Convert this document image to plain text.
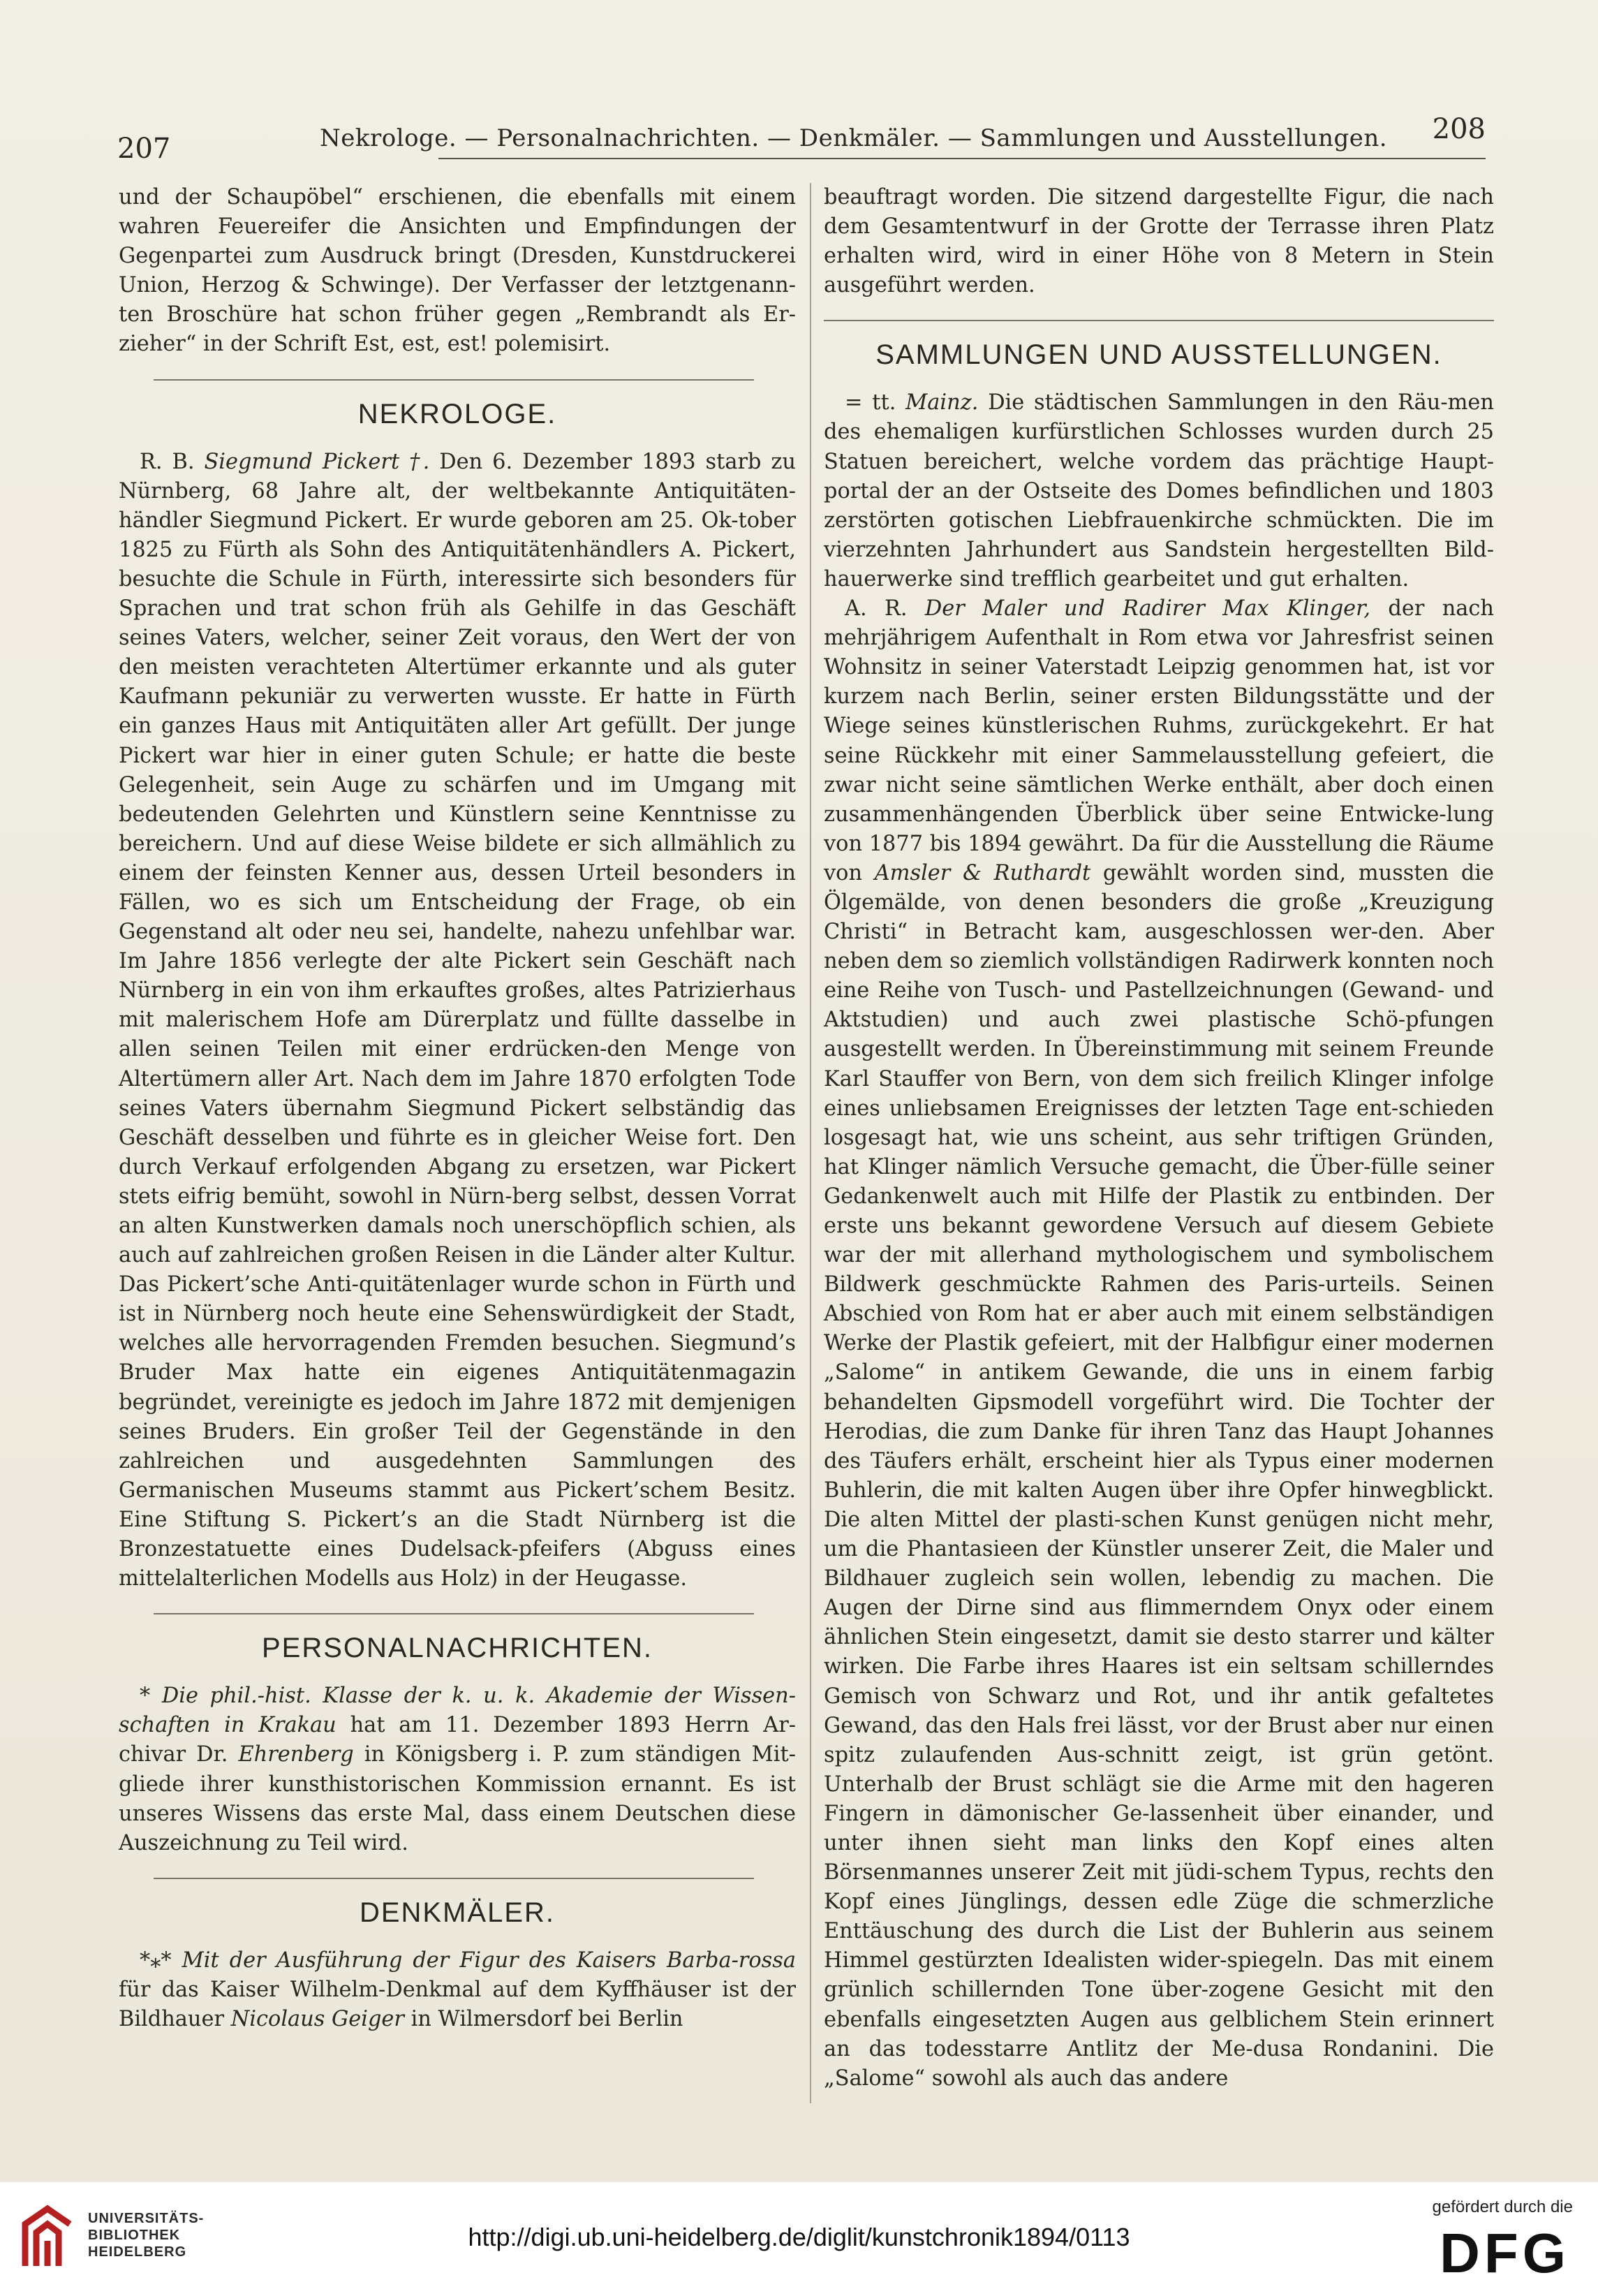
207	Nekrologe. — Personalnachrichten. — Denkmäler. — Sammlungen und Ausstellungen. 208

und der Schaupöbel“ erschienen, die ebenfalls mit einem wahren Feuereifer die Ansichten und Empfindungen der Gegenpartei zum Ausdruck bringt (Dresden, Kunstdruckerei Union, Herzog & Schwinge). Der Verfasser der letztgenann-ten Broschüre hat schon früher gegen „Rembrandt als Er-zieher“ in der Schrift Est, est, est! polemisirt.

NEKROLOGE.

R. B. Siegmund Pickert †. Den 6. Dezember 1893 starb zu Nürnberg, 68 Jahre alt, der weltbekannte Antiquitäten-händler Siegmund Pickert. Er wurde geboren am 25. Ok-tober 1825 zu Fürth als Sohn des Antiquitätenhändlers A. Pickert, besuchte die Schule in Fürth, interessirte sich besonders für Sprachen und trat schon früh als Gehilfe in das Geschäft seines Vaters, welcher, seiner Zeit voraus, den Wert der von den meisten verachteten Altertümer erkannte und als guter Kaufmann pekuniär zu verwerten wusste. Er hatte in Fürth ein ganzes Haus mit Antiquitäten aller Art gefüllt. Der junge Pickert war hier in einer guten Schule; er hatte die beste Gelegenheit, sein Auge zu schärfen und im Umgang mit bedeutenden Gelehrten und Künstlern seine Kenntnisse zu bereichern. Und auf diese Weise bildete er sich allmählich zu einem der feinsten Kenner aus, dessen Urteil besonders in Fällen, wo es sich um Entscheidung der Frage, ob ein Gegenstand alt oder neu sei, handelte, nahezu unfehlbar war. Im Jahre 1856 verlegte der alte Pickert sein Geschäft nach Nürnberg in ein von ihm erkauftes großes, altes Patrizierhaus mit malerischem Hofe am Dürerplatz und füllte dasselbe in allen seinen Teilen mit einer erdrücken-den Menge von Altertümern aller Art. Nach dem im Jahre 1870 erfolgten Tode seines Vaters übernahm Siegmund Pickert selbständig das Geschäft desselben und führte es in gleicher Weise fort. Den durch Verkauf erfolgenden Abgang zu ersetzen, war Pickert stets eifrig bemüht, sowohl in Nürn-berg selbst, dessen Vorrat an alten Kunstwerken damals noch unerschöpflich schien, als auch auf zahlreichen großen Reisen in die Länder alter Kultur. Das Pickert’sche Anti-quitätenlager wurde schon in Fürth und ist in Nürnberg noch heute eine Sehenswürdigkeit der Stadt, welches alle hervorragenden Fremden besuchen. Siegmund’s Bruder Max hatte ein eigenes Antiquitätenmagazin begründet, vereinigte es jedoch im Jahre 1872 mit demjenigen seines Bruders. Ein großer Teil der Gegenstände in den zahlreichen und ausgedehnten Sammlungen des Germanischen Museums stammt aus Pickert’schem Besitz. Eine Stiftung S. Pickert’s an die Stadt Nürnberg ist die Bronzestatuette eines Dudelsack-pfeifers (Abguss eines mittelalterlichen Modells aus Holz) in der Heugasse.

PERSONALNACHRICHTEN.

* Die phil.-hist. Klasse der k. u. k. Akademie der Wissen-schaften in Krakau hat am 11. Dezember 1893 Herrn Ar-chivar Dr. Ehrenberg in Königsberg i. P. zum ständigen Mit-gliede ihrer kunsthistorischen Kommission ernannt. Es ist unseres Wissens das erste Mal, dass einem Deutschen diese Auszeichnung zu Teil wird.

DENKMÄLER.

*⁎* Mit der Ausführung der Figur des Kaisers Barba-rossa für das Kaiser Wilhelm-Denkmal auf dem Kyffhäuser ist der Bildhauer Nicolaus Geiger in Wilmersdorf bei Berlin

beauftragt worden. Die sitzend dargestellte Figur, die nach dem Gesamtentwurf in der Grotte der Terrasse ihren Platz erhalten wird, wird in einer Höhe von 8 Metern in Stein ausgeführt werden.

SAMMLUNGEN UND AUSSTELLUNGEN.

= tt. Mainz. Die städtischen Sammlungen in den Räu-men des ehemaligen kurfürstlichen Schlosses wurden durch 25 Statuen bereichert, welche vordem das prächtige Haupt-portal der an der Ostseite des Domes befindlichen und 1803 zerstörten gotischen Liebfrauenkirche schmückten. Die im vierzehnten Jahrhundert aus Sandstein hergestellten Bild-hauerwerke sind trefflich gearbeitet und gut erhalten.

A. R. Der Maler und Radirer Max Klinger, der nach mehrjährigem Aufenthalt in Rom etwa vor Jahresfrist seinen Wohnsitz in seiner Vaterstadt Leipzig genommen hat, ist vor kurzem nach Berlin, seiner ersten Bildungsstätte und der Wiege seines künstlerischen Ruhms, zurückgekehrt. Er hat seine Rückkehr mit einer Sammelausstellung gefeiert, die zwar nicht seine sämtlichen Werke enthält, aber doch einen zusammenhängenden Überblick über seine Entwicke-lung von 1877 bis 1894 gewährt. Da für die Ausstellung die Räume von Amsler & Ruthardt gewählt worden sind, mussten die Ölgemälde, von denen besonders die große „Kreuzigung Christi“ in Betracht kam, ausgeschlossen wer-den. Aber neben dem so ziemlich vollständigen Radirwerk konnten noch eine Reihe von Tusch- und Pastellzeichnungen (Gewand- und Aktstudien) und auch zwei plastische Schö-pfungen ausgestellt werden. In Übereinstimmung mit seinem Freunde Karl Stauffer von Bern, von dem sich freilich Klinger infolge eines unliebsamen Ereignisses der letzten Tage ent-schieden losgesagt hat, wie uns scheint, aus sehr triftigen Gründen, hat Klinger nämlich Versuche gemacht, die Über-fülle seiner Gedankenwelt auch mit Hilfe der Plastik zu entbinden. Der erste uns bekannt gewordene Versuch auf diesem Gebiete war der mit allerhand mythologischem und symbolischem Bildwerk geschmückte Rahmen des Paris-urteils. Seinen Abschied von Rom hat er aber auch mit einem selbständigen Werke der Plastik gefeiert, mit der Halbfigur einer modernen „Salome“ in antikem Gewande, die uns in einem farbig behandelten Gipsmodell vorgeführt wird. Die Tochter der Herodias, die zum Danke für ihren Tanz das Haupt Johannes des Täufers erhält, erscheint hier als Typus einer modernen Buhlerin, die mit kalten Augen über ihre Opfer hinwegblickt. Die alten Mittel der plasti-schen Kunst genügen nicht mehr, um die Phantasieen der Künstler unserer Zeit, die Maler und Bildhauer zugleich sein wollen, lebendig zu machen. Die Augen der Dirne sind aus flimmerndem Onyx oder einem ähnlichen Stein eingesetzt, damit sie desto starrer und kälter wirken. Die Farbe ihres Haares ist ein seltsam schillerndes Gemisch von Schwarz und Rot, und ihr antik gefaltetes Gewand, das den Hals frei lässt, vor der Brust aber nur einen spitz zulaufenden Aus-schnitt zeigt, ist grün getönt. Unterhalb der Brust schlägt sie die Arme mit den hageren Fingern in dämonischer Ge-lassenheit über einander, und unter ihnen sieht man links den Kopf eines alten Börsenmannes unserer Zeit mit jüdi-schem Typus, rechts den Kopf eines Jünglings, dessen edle Züge die schmerzliche Enttäuschung des durch die List der Buhlerin aus seinem Himmel gestürzten Idealisten wider-spiegeln. Das mit einem grünlich schillernden Tone über-zogene Gesicht mit den ebenfalls eingesetzten Augen aus gelblichem Stein erinnert an das todesstarre Antlitz der Me-dusa Rondanini. Die „Salome“ sowohl als auch das andere

UNIVERSITÄTS-
BIBLIOTHEK
HEIDELBERG
http://digi.ub.uni-heidelberg.de/diglit/kunstchronik1894/0113
gefördert durch die
DFG
